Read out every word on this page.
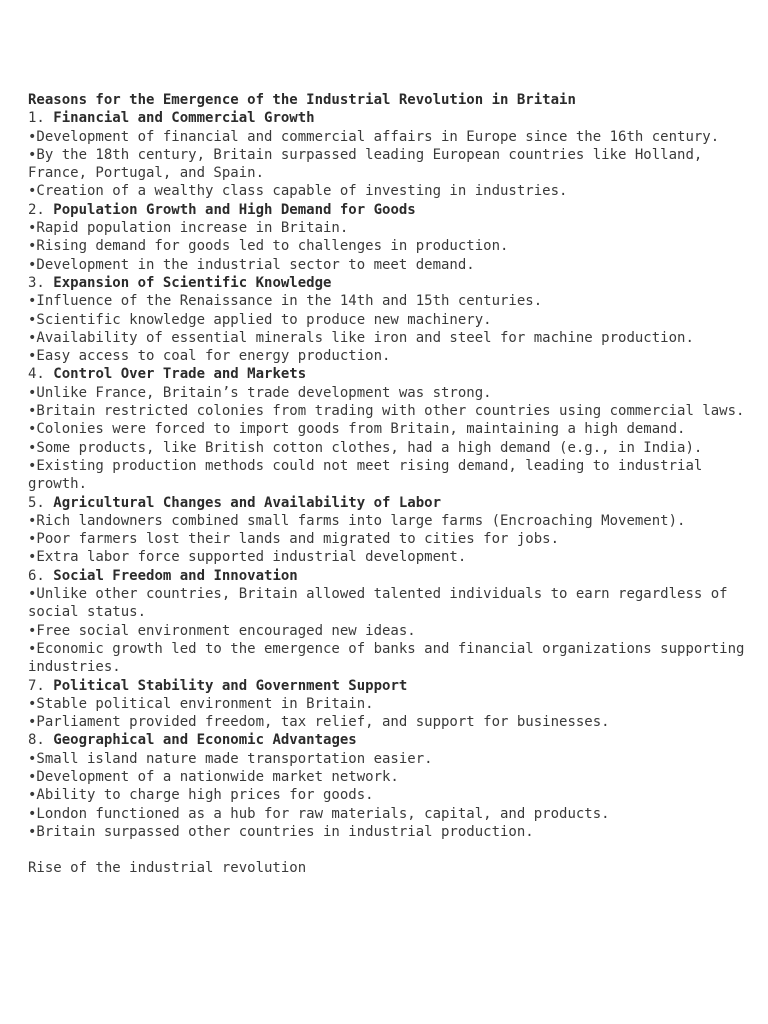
Reasons for the Emergence of the Industrial Revolution in Britain
1. Financial and Commercial Growth
•Development of financial and commercial affairs in Europe since the 16th century.
•By the 18th century, Britain surpassed leading European countries like Holland, France, Portugal, and Spain.
•Creation of a wealthy class capable of investing in industries.
2. Population Growth and High Demand for Goods
•Rapid population increase in Britain.
•Rising demand for goods led to challenges in production.
•Development in the industrial sector to meet demand.
3. Expansion of Scientific Knowledge
•Influence of the Renaissance in the 14th and 15th centuries.
•Scientific knowledge applied to produce new machinery.
•Availability of essential minerals like iron and steel for machine production.
•Easy access to coal for energy production.
4. Control Over Trade and Markets
•Unlike France, Britain’s trade development was strong.
•Britain restricted colonies from trading with other countries using commercial laws.
•Colonies were forced to import goods from Britain, maintaining a high demand.
•Some products, like British cotton clothes, had a high demand (e.g., in India).
•Existing production methods could not meet rising demand, leading to industrial growth.
5. Agricultural Changes and Availability of Labor
•Rich landowners combined small farms into large farms (Encroaching Movement).
•Poor farmers lost their lands and migrated to cities for jobs.
•Extra labor force supported industrial development.
6. Social Freedom and Innovation
•Unlike other countries, Britain allowed talented individuals to earn regardless of social status.
•Free social environment encouraged new ideas.
•Economic growth led to the emergence of banks and financial organizations supporting industries.
7. Political Stability and Government Support
•Stable political environment in Britain.
•Parliament provided freedom, tax relief, and support for businesses.
8. Geographical and Economic Advantages
•Small island nature made transportation easier.
•Development of a nationwide market network.
•Ability to charge high prices for goods.
•London functioned as a hub for raw materials, capital, and products.
•Britain surpassed other countries in industrial production.
Rise of the industrial revolution
